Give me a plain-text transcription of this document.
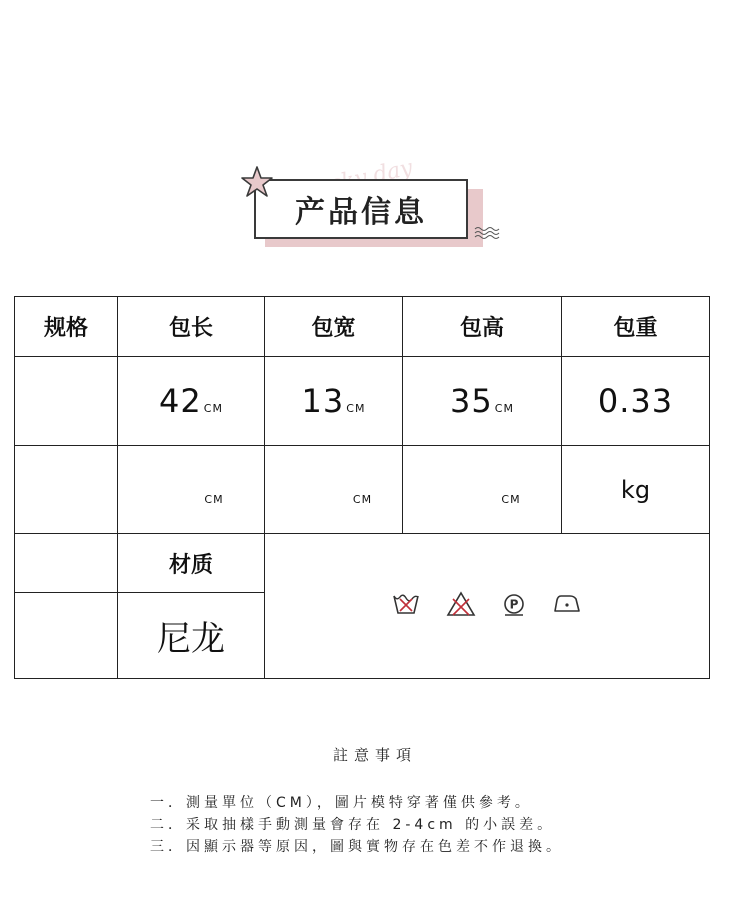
产品信息
规格	包长	包宽	包高	包重
	42 CM	13 CM	35 CM	0.33
	$_{CM}$	$_{CM}$	$_{CM}$	kg
	材质	P		

	尼龙			
註意事項
一．測量單位（CM），圖片模特穿著僅供參考。
二．采取抽樣手動測量會存在 2-4cm 的小誤差。
三．因顯示器等原因，圖與實物存在色差不作退換。
